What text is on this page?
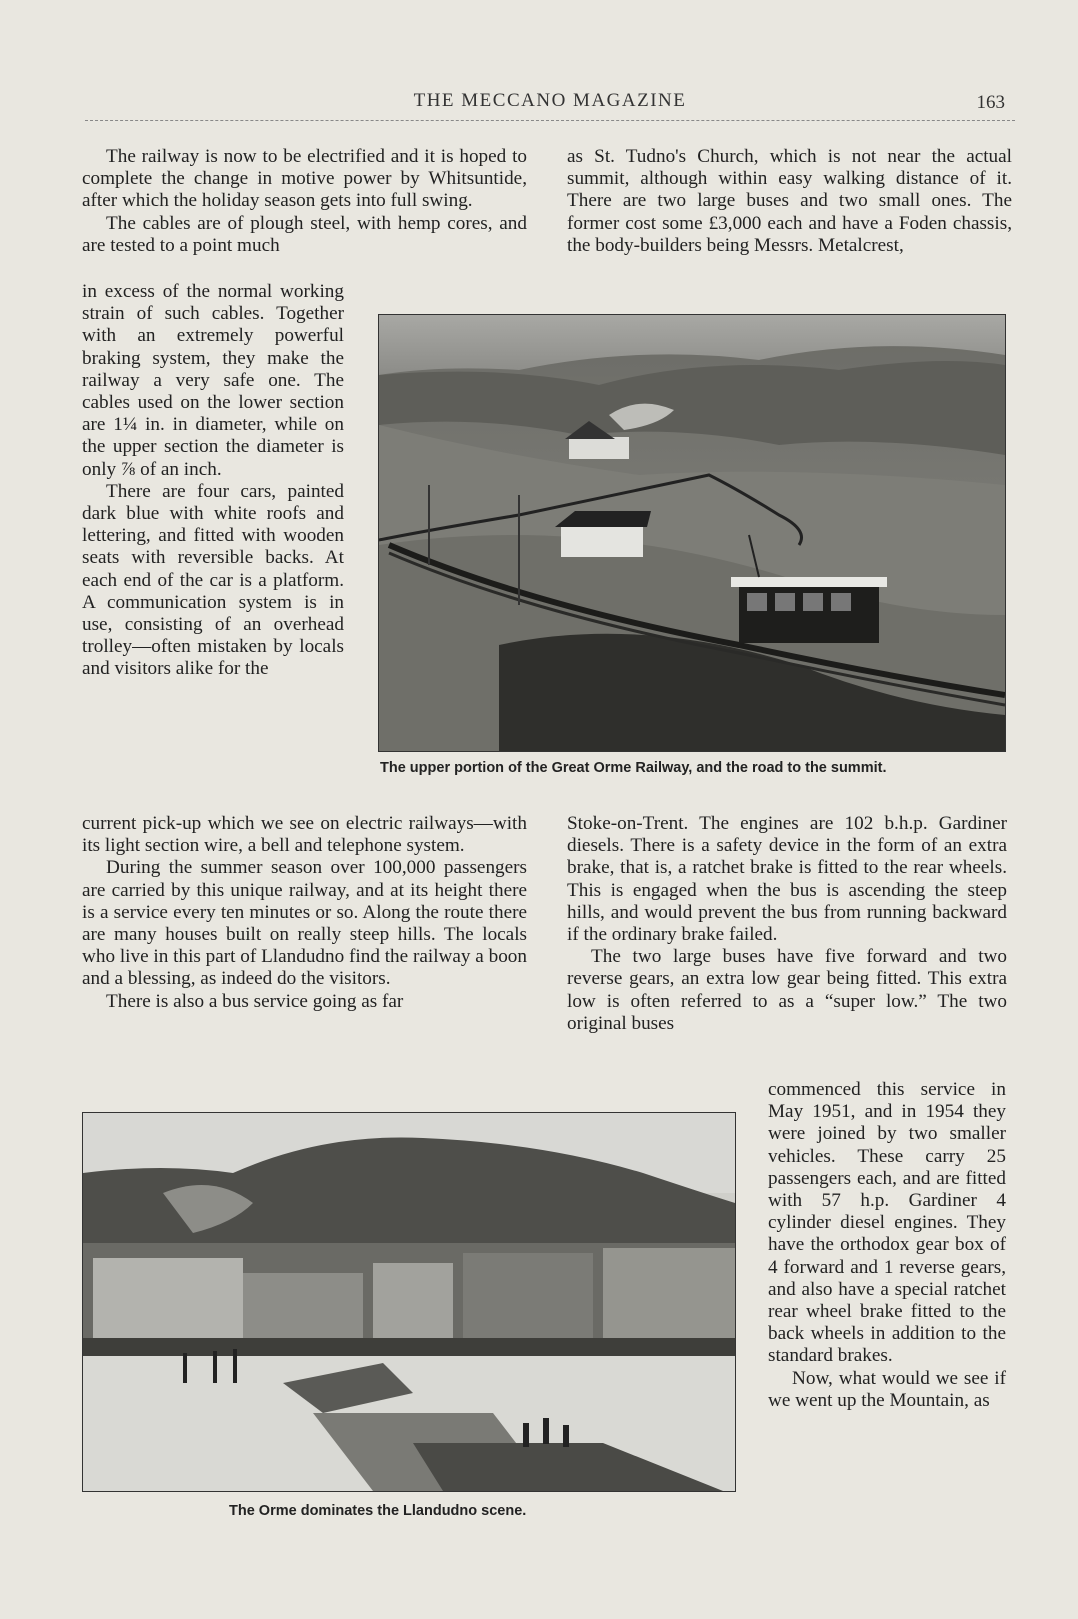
THE MECCANO MAGAZINE	163

The railway is now to be electrified and it is hoped to complete the change in motive power by Whitsuntide, after which the holiday season gets into full swing.

The cables are of plough steel, with hemp cores, and are tested to a point much

in excess of the normal working strain of such cables. Together with an extremely powerful braking system, they make the railway a very safe one. The cables used on the lower section are 1¼ in. in diameter, while on the upper section the diameter is only ⅞ of an inch.

There are four cars, painted dark blue with white roofs and lettering, and fitted with wooden seats with reversible backs. At each end of the car is a platform. A communication system is in use, consisting of an overhead trolley—often mistaken by locals and visitors alike for the

current pick-up which we see on electric railways—with its light section wire, a bell and telephone system.

During the summer season over 100,000 passengers are carried by this unique railway, and at its height there is a service every ten minutes or so. Along the route there are many houses built on really steep hills. The locals who live in this part of Llandudno find the railway a boon and a blessing, as indeed do the visitors.

There is also a bus service going as far

as St. Tudno's Church, which is not near the actual summit, although within easy walking distance of it. There are two large buses and two small ones. The former cost some £3,000 each and have a Foden chassis, the body-builders being Messrs. Metalcrest,

The upper portion of the Great Orme Railway, and the road to the summit.

Stoke-on-Trent. The engines are 102 b.h.p. Gardiner diesels. There is a safety device in the form of an extra brake, that is, a ratchet brake is fitted to the rear wheels. This is engaged when the bus is ascending the steep hills, and would prevent the bus from running backward if the ordinary brake failed.

The two large buses have five forward and two reverse gears, an extra low gear being fitted. This extra low is often referred to as a “super low.” The two original buses

commenced this service in May 1951, and in 1954 they were joined by two smaller vehicles. These carry 25 passengers each, and are fitted with 57 h.p. Gardiner 4 cylinder diesel engines. They have the orthodox gear box of 4 forward and 1 reverse gears, and also have a special ratchet rear wheel brake fitted to the back wheels in addition to the standard brakes.

Now, what would we see if we went up the Mountain, as

The Orme dominates the Llandudno scene.
